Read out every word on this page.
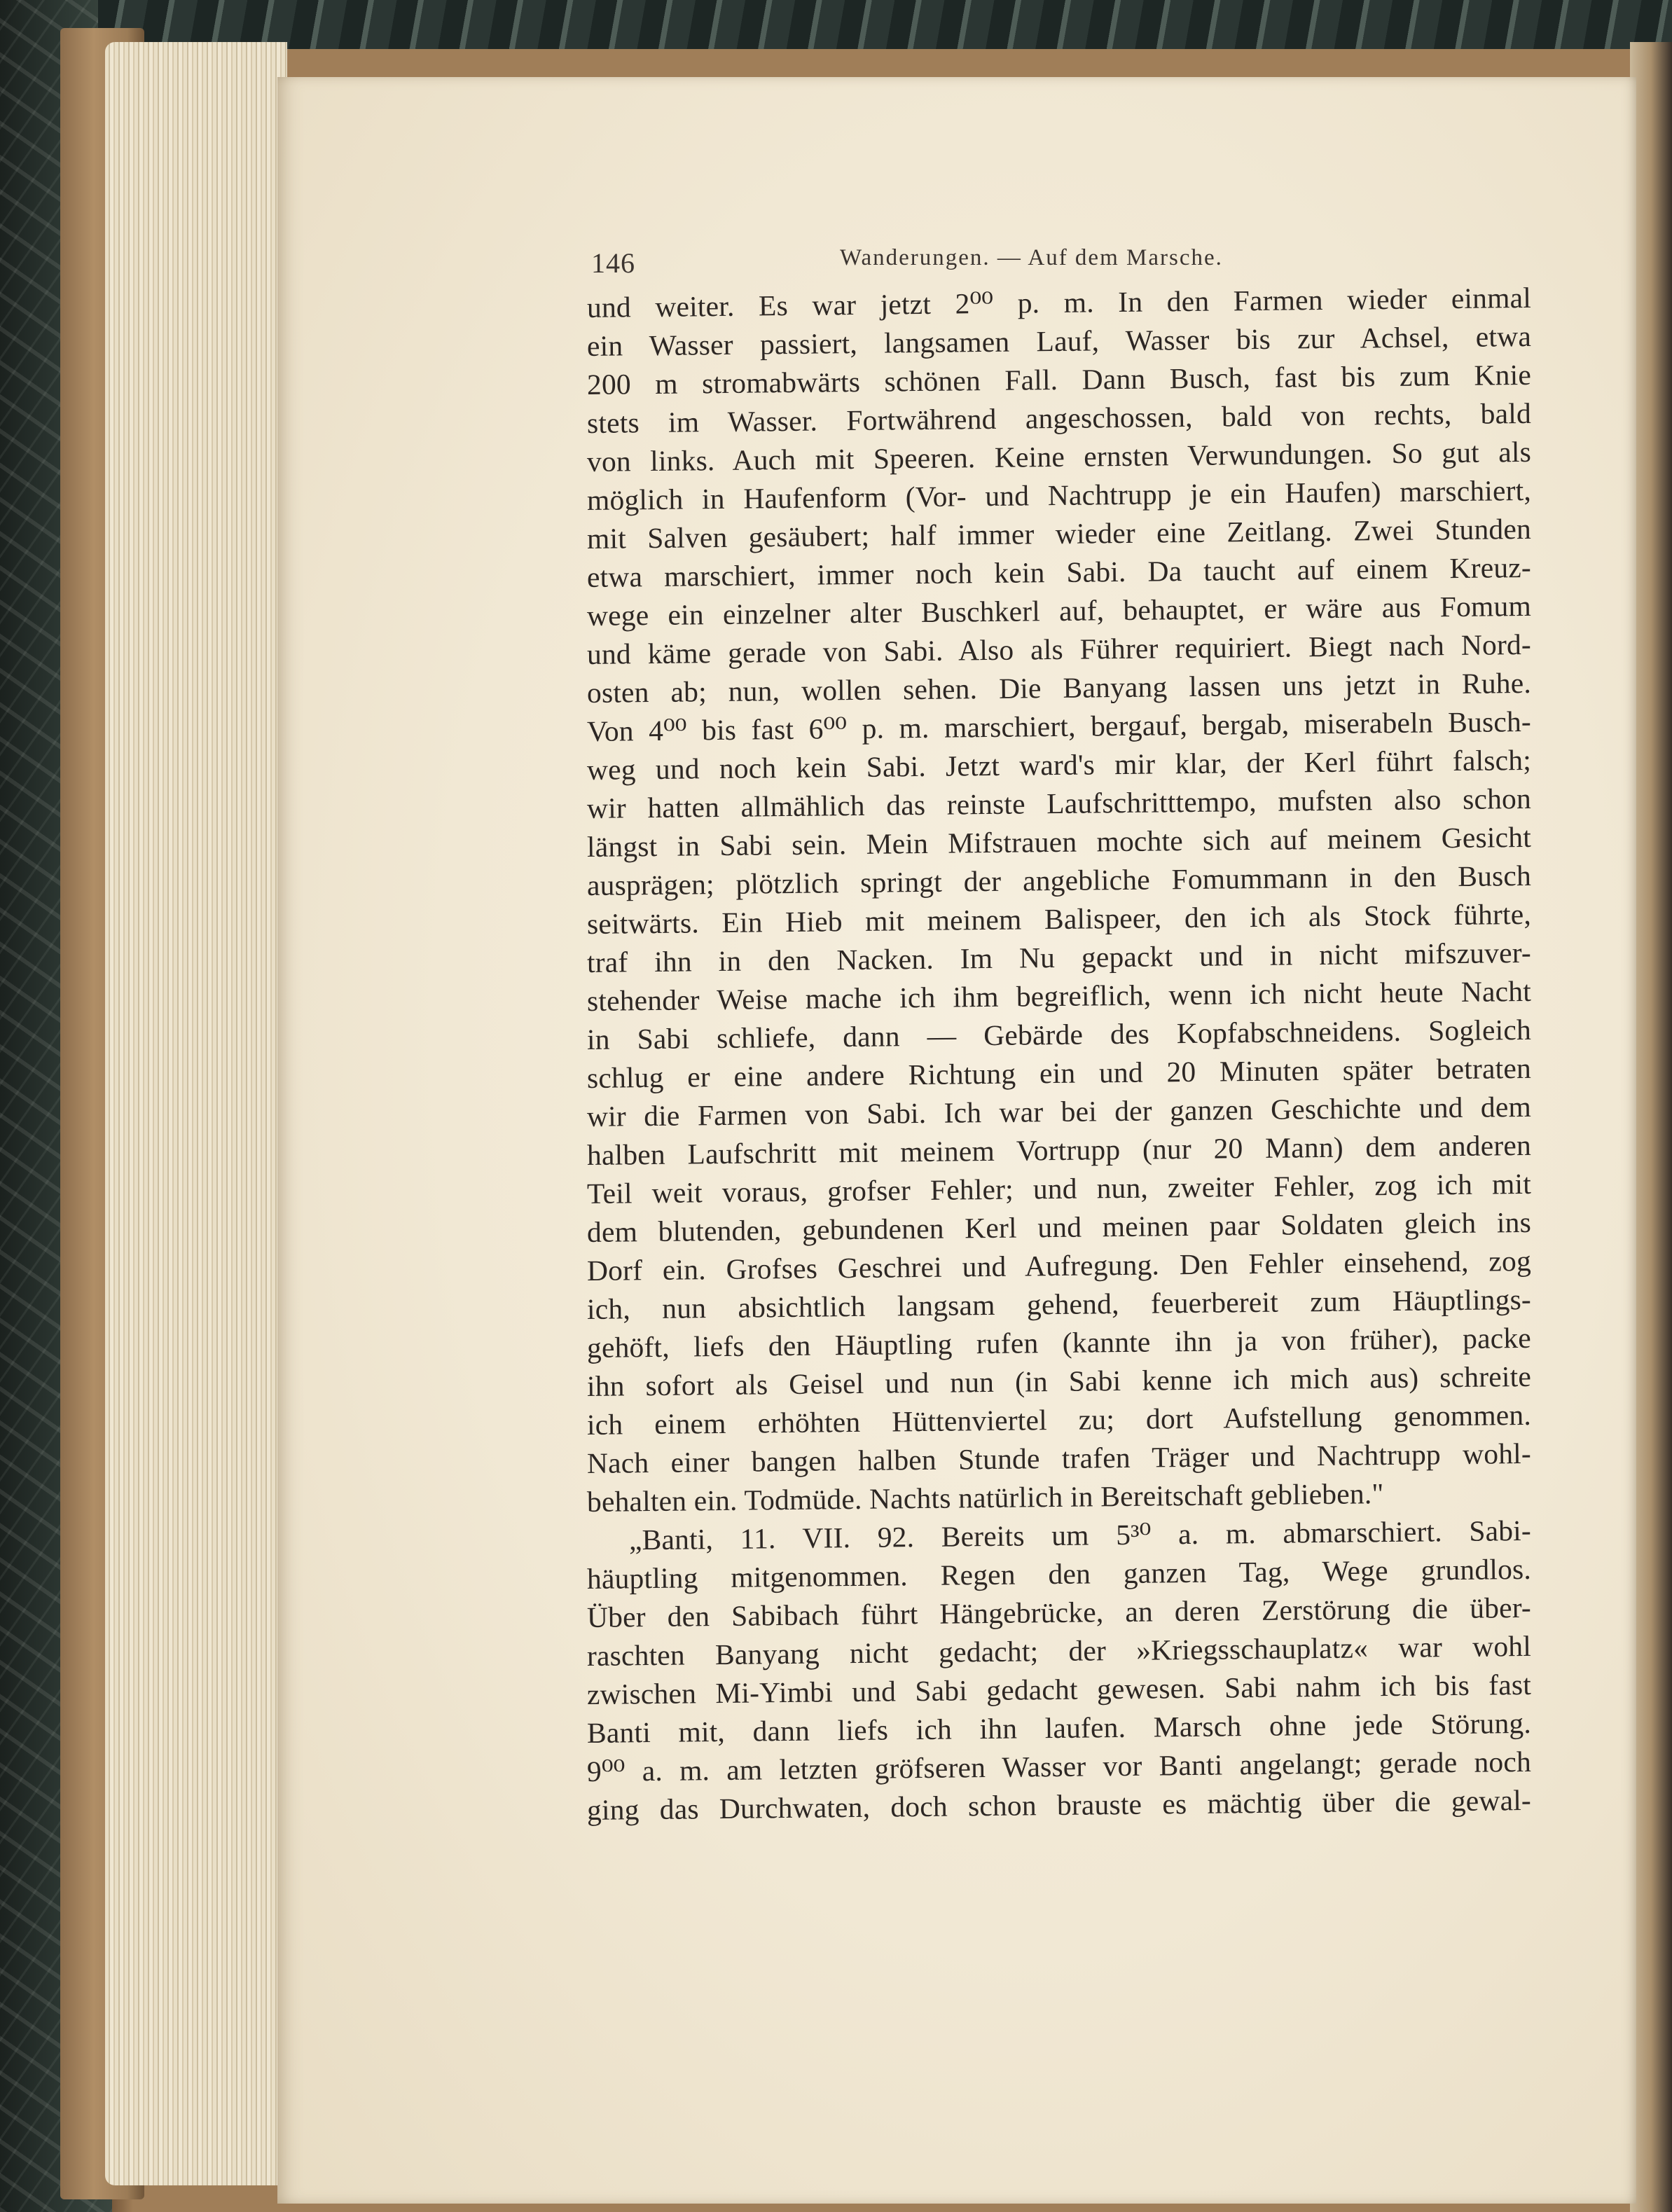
146	Wanderungen. — Auf dem Marsche.
und weiter. Es war jetzt 2⁰⁰ p. m. In den Farmen wieder einmal
ein Wasser passiert, langsamen Lauf, Wasser bis zur Achsel, etwa
200 m stromabwärts schönen Fall. Dann Busch, fast bis zum Knie
stets im Wasser. Fortwährend angeschossen, bald von rechts, bald
von links. Auch mit Speeren. Keine ernsten Verwundungen. So gut als
möglich in Haufenform (Vor- und Nachtrupp je ein Haufen) marschiert,
mit Salven gesäubert; half immer wieder eine Zeitlang. Zwei Stunden
etwa marschiert, immer noch kein Sabi. Da taucht auf einem Kreuz-
wege ein einzelner alter Buschkerl auf, behauptet, er wäre aus Fomum
und käme gerade von Sabi. Also als Führer requiriert. Biegt nach Nord-
osten ab; nun, wollen sehen. Die Banyang lassen uns jetzt in Ruhe.
Von 4⁰⁰ bis fast 6⁰⁰ p. m. marschiert, bergauf, bergab, miserabeln Busch-
weg und noch kein Sabi. Jetzt ward's mir klar, der Kerl führt falsch;
wir hatten allmählich das reinste Laufschritttempo, mufsten also schon
längst in Sabi sein. Mein Mifstrauen mochte sich auf meinem Gesicht
ausprägen; plötzlich springt der angebliche Fomummann in den Busch
seitwärts. Ein Hieb mit meinem Balispeer, den ich als Stock führte,
traf ihn in den Nacken. Im Nu gepackt und in nicht mifszuver-
stehender Weise mache ich ihm begreiflich, wenn ich nicht heute Nacht
in Sabi schliefe, dann — Gebärde des Kopfabschneidens. Sogleich
schlug er eine andere Richtung ein und 20 Minuten später betraten
wir die Farmen von Sabi. Ich war bei der ganzen Geschichte und dem
halben Laufschritt mit meinem Vortrupp (nur 20 Mann) dem anderen
Teil weit voraus, grofser Fehler; und nun, zweiter Fehler, zog ich mit
dem blutenden, gebundenen Kerl und meinen paar Soldaten gleich ins
Dorf ein. Grofses Geschrei und Aufregung. Den Fehler einsehend, zog
ich, nun absichtlich langsam gehend, feuerbereit zum Häuptlings-
gehöft, liefs den Häuptling rufen (kannte ihn ja von früher), packe
ihn sofort als Geisel und nun (in Sabi kenne ich mich aus) schreite
ich einem erhöhten Hüttenviertel zu; dort Aufstellung genommen.
Nach einer bangen halben Stunde trafen Träger und Nachtrupp wohl-
behalten ein. Todmüde. Nachts natürlich in Bereitschaft geblieben."
„Banti, 11. VII. 92. Bereits um 5³⁰ a. m. abmarschiert. Sabi-
häuptling mitgenommen. Regen den ganzen Tag, Wege grundlos.
Über den Sabibach führt Hängebrücke, an deren Zerstörung die über-
raschten Banyang nicht gedacht; der »Kriegsschauplatz« war wohl
zwischen Mi-Yimbi und Sabi gedacht gewesen. Sabi nahm ich bis fast
Banti mit, dann liefs ich ihn laufen. Marsch ohne jede Störung.
9⁰⁰ a. m. am letzten gröfseren Wasser vor Banti angelangt; gerade noch
ging das Durchwaten, doch schon brauste es mächtig über die gewal-
